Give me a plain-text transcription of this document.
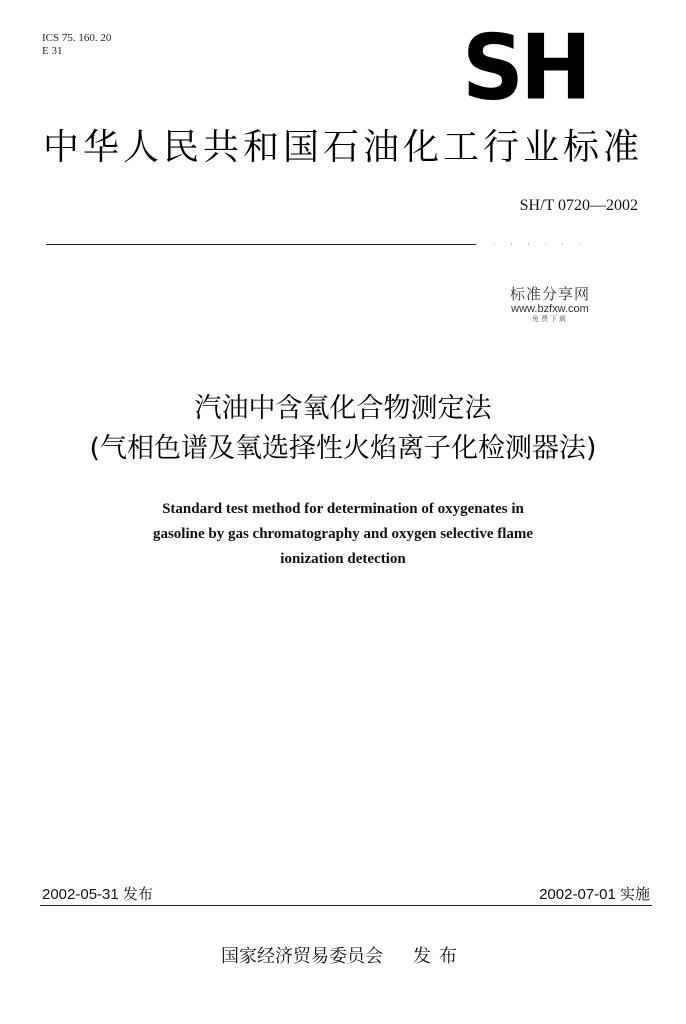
ICS 75. 160. 20
E 31	SH
中华人民共和国石油化工行业标准
SH/T 0720—2002
· · · · · · ·
标准分享网
www.bzfxw.com
免费下载
汽油中含氧化合物测定法
(气相色谱及氧选择性火焰离子化检测器法)
Standard test method for determination of oxygenates in
gasoline by gas chromatography and oxygen selective flame
ionization detection
2002-05-31 发布	2002-07-01 实施
国家经济贸易委员会 发布
